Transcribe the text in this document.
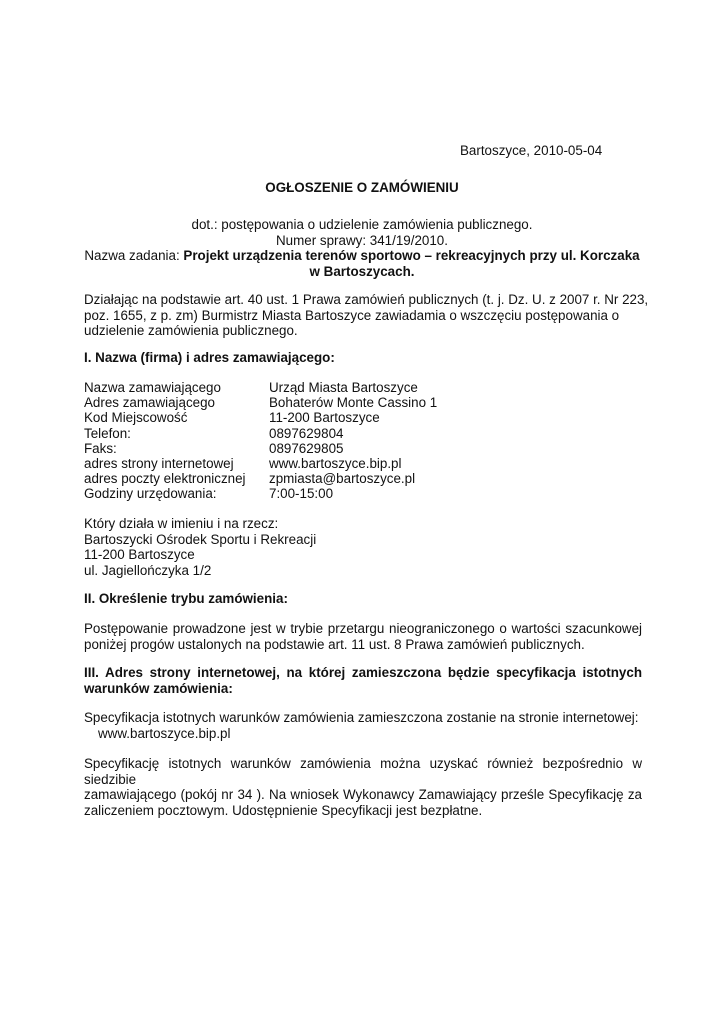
Bartoszyce, 2010-05-04
OGŁOSZENIE O ZAMÓWIENIU
dot.: postępowania o udzielenie zamówienia publicznego.
Numer sprawy: 341/19/2010.
Nazwa zadania: Projekt urządzenia terenów sportowo – rekreacyjnych przy ul. Korczaka
w Bartoszycach.
Działając na podstawie art. 40 ust. 1 Prawa zamówień publicznych (t. j. Dz. U. z 2007 r. Nr 223,
poz. 1655, z p. zm) Burmistrz Miasta Bartoszyce zawiadamia o wszczęciu postępowania o
udzielenie zamówienia publicznego.
I. Nazwa (firma) i adres zamawiającego:
Nazwa zamawiającego	Urząd Miasta Bartoszyce
Adres zamawiającego	Bohaterów Monte Cassino 1
Kod Miejscowość	11-200 Bartoszyce
Telefon:	0897629804
Faks:	0897629805
adres strony internetowej	www.bartoszyce.bip.pl
adres poczty elektronicznej	zpmiasta@bartoszyce.pl
Godziny urzędowania:	7:00-15:00
Który działa w imieniu i na rzecz:
Bartoszycki Ośrodek Sportu i Rekreacji
11-200 Bartoszyce
ul. Jagiellończyka 1/2
II. Określenie trybu zamówienia:
Postępowanie prowadzone jest w trybie przetargu nieograniczonego o wartości szacunkowej
poniżej progów ustalonych na podstawie art. 11 ust. 8 Prawa zamówień publicznych.
III. Adres strony internetowej, na której zamieszczona będzie specyfikacja istotnych
warunków zamówienia:
Specyfikacja istotnych warunków zamówienia zamieszczona zostanie na stronie internetowej:
www.bartoszyce.bip.pl
Specyfikację istotnych warunków zamówienia można uzyskać również bezpośrednio w siedzibie
zamawiającego (pokój nr 34 ). Na wniosek Wykonawcy Zamawiający prześle Specyfikację za
zaliczeniem pocztowym. Udostępnienie Specyfikacji jest bezpłatne.
